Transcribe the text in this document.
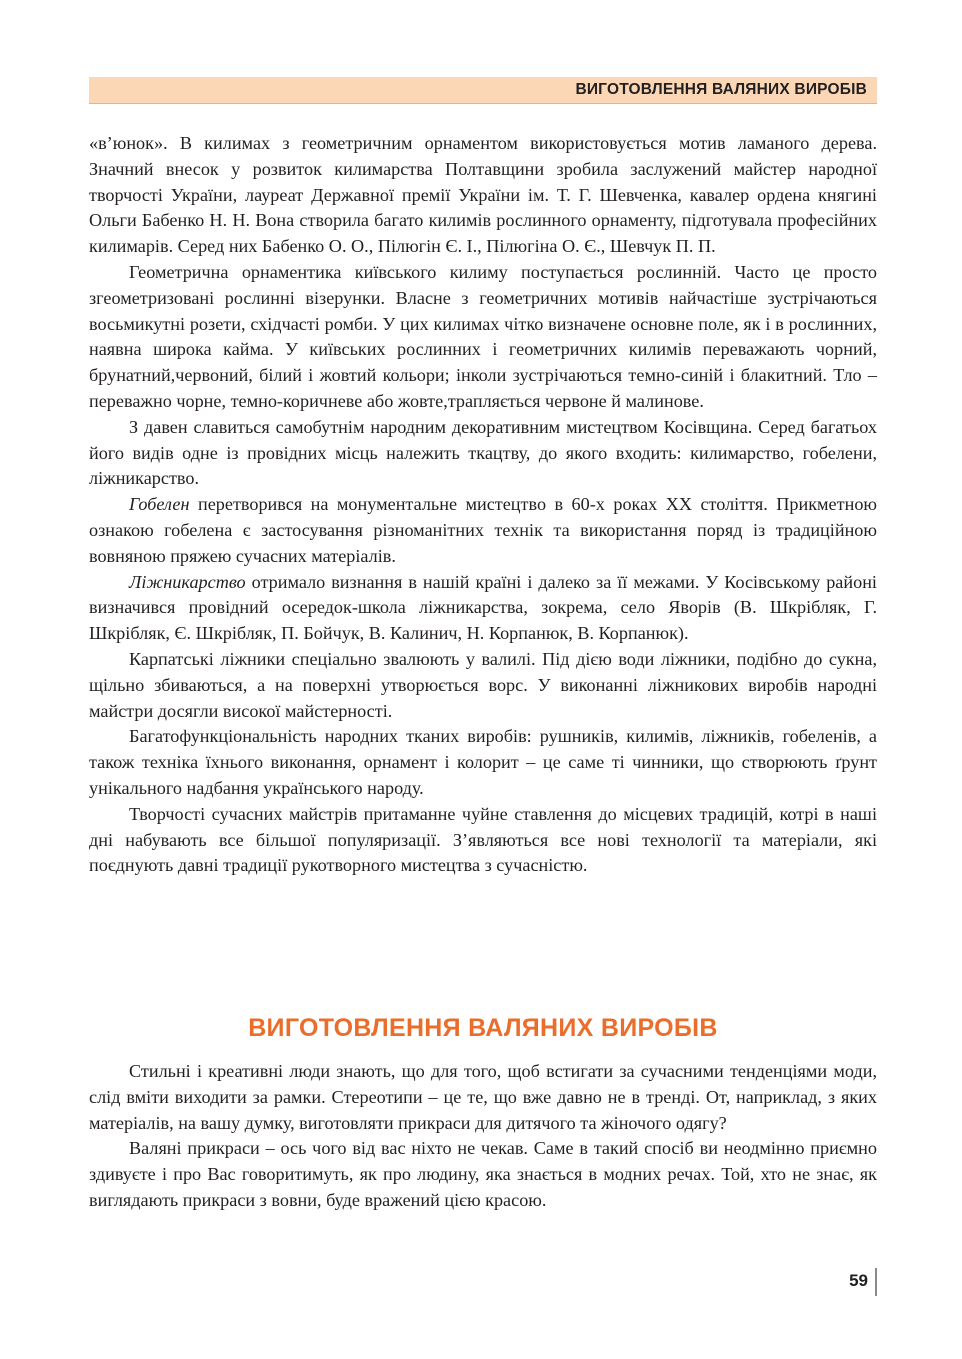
ВИГОТОВЛЕННЯ ВАЛЯНИХ ВИРОБІВ

«в’юнок». В килимах з геометричним орнаментом використовується мотив ламаного дерева. Значний внесок у розвиток килимарства Полтавщини зробила заслужений майстер народної творчості України, лауреат Державної премії України ім. Т. Г. Шевченка, кавалер ордена княгині Ольги Бабенко Н. Н. Вона створила багато килимів рослинного орнаменту, підготувала професійних килимарів. Серед них Бабенко О. О., Пілюгін Є. І., Пілюгіна О. Є., Шевчук П. П.

Геометрична орнаментика київського килиму поступається рослинній. Часто це просто згеометризовані рослинні візерунки. Власне з геометричних мотивів найчастіше зустрічаються восьмикутні розети, східчасті ромби. У цих килимах чітко визначене основне поле, як і в рослинних, наявна широка кайма. У київських рослинних і геометричних килимів переважають чорний, брунатний,червоний, білий і жовтий кольори; інколи зустрічаються темно-синій і блакитний. Тло – переважно чорне, темно-коричневе або жовте,трапляється червоне й малинове.

З давен славиться самобутнім народним декоративним мистецтвом Косівщина. Серед багатьох його видів одне із провідних місць належить ткацтву, до якого входить: килимарство, гобелени, ліжникарство.

Гобелен перетворився на монументальне мистецтво в 60-х роках ХХ століття. Прикметною ознакою гобелена є застосування різноманітних технік та використання поряд із традиційною вовняною пряжею сучасних матеріалів.

Ліжникарство отримало визнання в нашій країні і далеко за її межами. У Косівському районі визначився провідний осередок-школа ліжникарства, зокрема, село Яворів (В. Шкрібляк, Г. Шкрібляк, Є. Шкрібляк, П. Бойчук, В. Калинич, Н. Корпанюк, В. Корпанюк).

Карпатські ліжники спеціально звалюють у валилі. Під дією води ліжники, подібно до сукна, щільно збиваються, а на поверхні утворюється ворс. У виконанні ліжникових виробів народні майстри досягли високої майстерності.

Багатофункціональність народних тканих виробів: рушників, килимів, ліжників, гобеленів, а також техніка їхнього виконання, орнамент і колорит – це саме ті чинники, що створюють ґрунт унікального надбання українського народу.

Творчості сучасних майстрів притаманне чуйне ставлення до місцевих традицій, котрі в наші дні набувають все більшої популяризації. З’являються все нові технології та матеріали, які поєднують давні традиції рукотворного мистецтва з сучасністю.

ВИГОТОВЛЕННЯ ВАЛЯНИХ ВИРОБІВ

Стильні і креативні люди знають, що для того, щоб встигати за сучасними тенденціями моди, слід вміти виходити за рамки. Стереотипи – це те, що вже давно не в тренді. От, наприклад, з яких матеріалів, на вашу думку, виготовляти прикраси для дитячого та жіночого одягу?

Валяні прикраси – ось чого від вас ніхто не чекав. Саме в такий спосіб ви неодмінно приємно здивуєте і про Вас говоритимуть, як про людину, яка знається в модних речах. Той, хто не знає, як виглядають прикраси з вовни, буде вражений цією красою.

59
